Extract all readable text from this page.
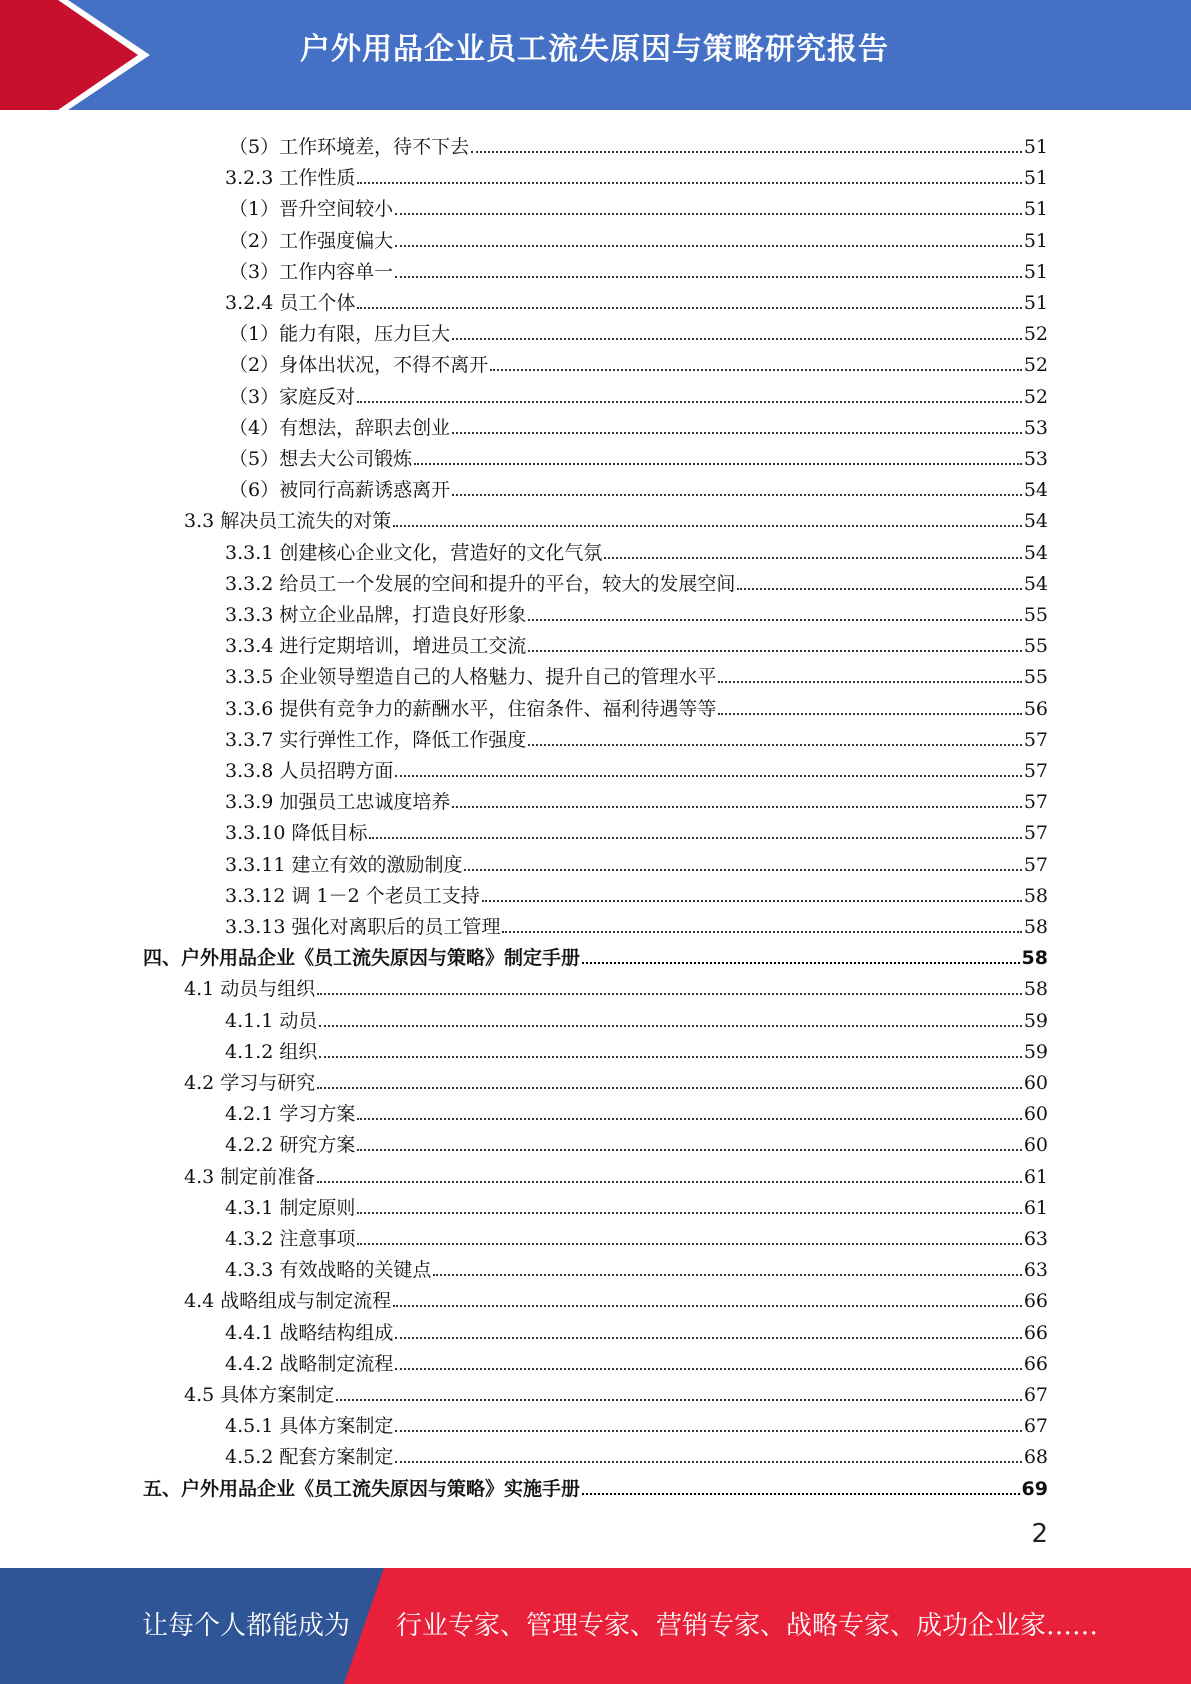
户外用品企业员工流失原因与策略研究报告
（5）工作环境差，待不下去	51
3.2.3 工作性质	51
（1）晋升空间较小	51
（2）工作强度偏大	51
（3）工作内容单一	51
3.2.4 员工个体	51
（1）能力有限，压力巨大	52
（2）身体出状况，不得不离开	52
（3）家庭反对	52
（4）有想法，辞职去创业	53
（5）想去大公司锻炼	53
（6）被同行高薪诱惑离开	54
3.3 解决员工流失的对策	54
3.3.1 创建核心企业文化，营造好的文化气氛	54
3.3.2 给员工一个发展的空间和提升的平台，较大的发展空间	54
3.3.3 树立企业品牌，打造良好形象	55
3.3.4 进行定期培训，增进员工交流	55
3.3.5 企业领导塑造自己的人格魅力、提升自己的管理水平	55
3.3.6 提供有竞争力的薪酬水平，住宿条件、福利待遇等等	56
3.3.7 实行弹性工作，降低工作强度	57
3.3.8 人员招聘方面	57
3.3.9 加强员工忠诚度培养	57
3.3.10 降低目标	57
3.3.11 建立有效的激励制度	57
3.3.12 调 1－2 个老员工支持	58
3.3.13 强化对离职后的员工管理	58
四、户外用品企业《员工流失原因与策略》制定手册	58
4.1 动员与组织	58
4.1.1 动员	59
4.1.2 组织	59
4.2 学习与研究	60
4.2.1 学习方案	60
4.2.2 研究方案	60
4.3 制定前准备	61
4.3.1 制定原则	61
4.3.2 注意事项	63
4.3.3 有效战略的关键点	63
4.4 战略组成与制定流程	66
4.4.1 战略结构组成	66
4.4.2 战略制定流程	66
4.5 具体方案制定	67
4.5.1 具体方案制定	67
4.5.2 配套方案制定	68
五、户外用品企业《员工流失原因与策略》实施手册	69
2
让每个人都能成为 行业专家、管理专家、营销专家、战略专家、成功企业家……
